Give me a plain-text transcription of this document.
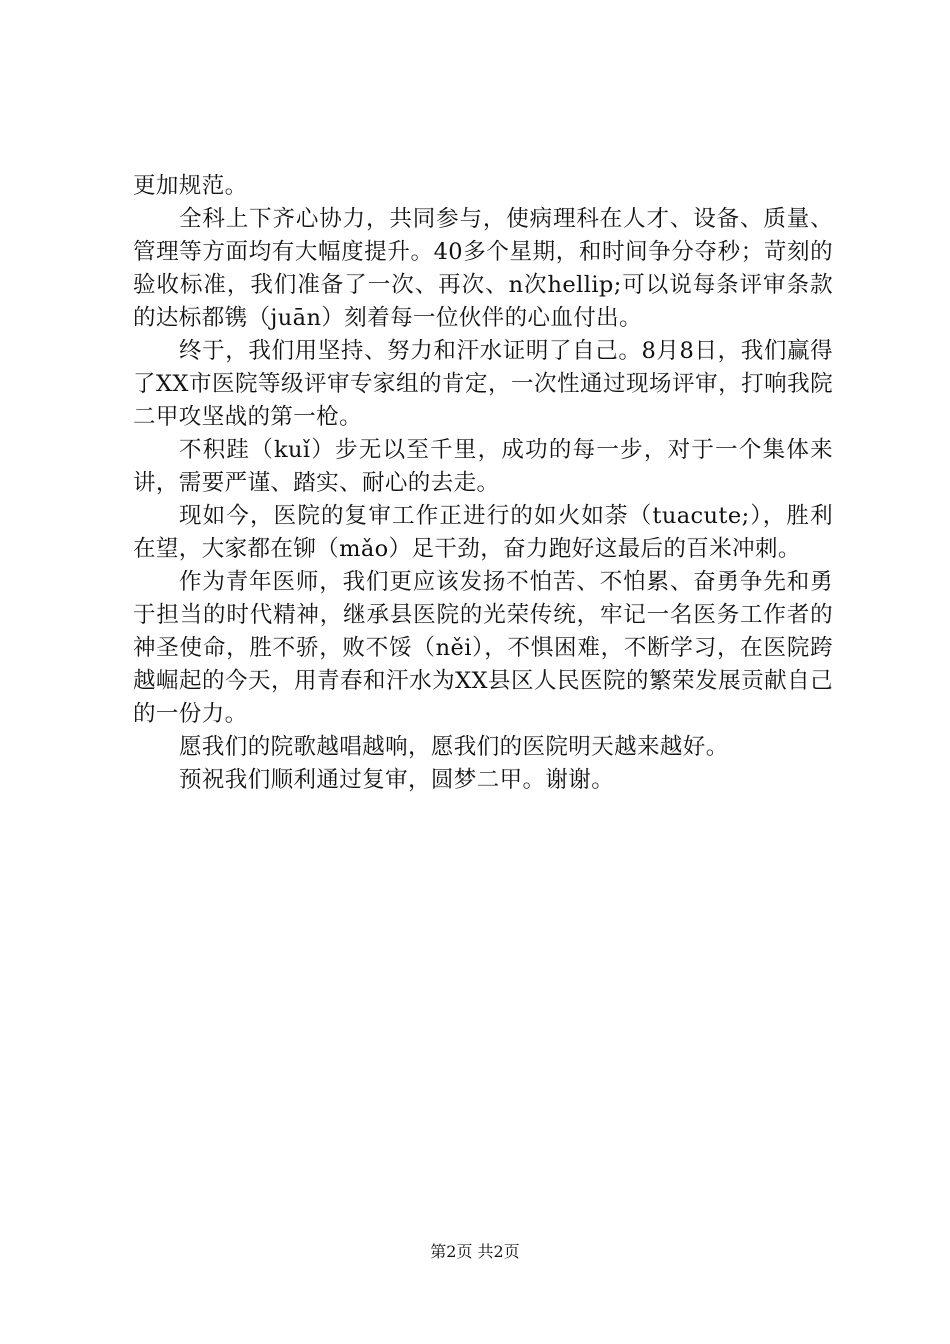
更加规范。

全科上下齐心协力，共同参与，使病理科在人才、设备、质量、管理等方面均有大幅度提升。40多个星期，和时间争分夺秒；苛刻的验收标准，我们准备了一次、再次、n次hellip;可以说每条评审条款的达标都镌（juān）刻着每一位伙伴的心血付出。

终于，我们用坚持、努力和汗水证明了自己。8月8日，我们赢得了XX市医院等级评审专家组的肯定，一次性通过现场评审，打响我院二甲攻坚战的第一枪。

不积跬（kuǐ）步无以至千里，成功的每一步，对于一个集体来讲，需要严谨、踏实、耐心的去走。

现如今，医院的复审工作正进行的如火如荼（tuacute;），胜利在望，大家都在铆（mǎo）足干劲，奋力跑好这最后的百米冲刺。

作为青年医师，我们更应该发扬不怕苦、不怕累、奋勇争先和勇于担当的时代精神，继承县医院的光荣传统，牢记一名医务工作者的神圣使命，胜不骄，败不馁（něi），不惧困难，不断学习，在医院跨越崛起的今天，用青春和汗水为XX县区人民医院的繁荣发展贡献自己的一份力。

愿我们的院歌越唱越响，愿我们的医院明天越来越好。

预祝我们顺利通过复审，圆梦二甲。谢谢。

第2页 共2页
